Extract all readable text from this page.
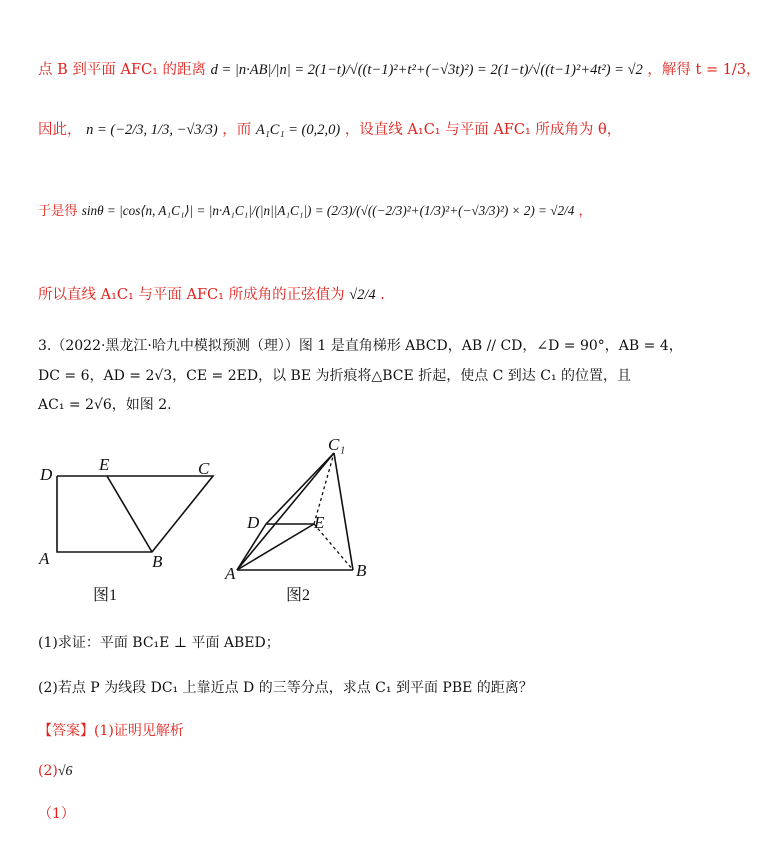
点 B 到平面 AFC₁ 的距离 d = |n·AB|/|n| = 2(1−t)/√((t−1)²+t²+(−√3t)²) = 2(1−t)/√((t−1)²+4t²) = √2 ，解得 t = 1/3，
因此， n = (−2/3, 1/3, −√3/3) ，而 A₁C₁ = (0,2,0) ，设直线 A₁C₁ 与平面 AFC₁ 所成角为 θ，
于是得 sinθ = |cos⟨n, A₁C₁⟩| = |n·A₁C₁|/(|n||A₁C₁|) = (2/3)/(√((−2/3)²+(1/3)²+(−√3/3)²) × 2) = √2/4 ，
所以直线 A₁C₁ 与平面 AFC₁ 所成角的正弦值为 √2/4 .
3.（2022·黑龙江·哈九中模拟预测（理））图 1 是直角梯形 ABCD，AB // CD，∠D = 90°，AB = 4，
DC = 6，AD = 2√3，CE = 2ED，以 BE 为折痕将△BCE 折起，使点 C 到达 C₁ 的位置，且
AC₁ = 2√6，如图 2.
D
E	C
A	B
C₁
D	E
A	B
图1	图2
(1)求证：平面 BC₁E ⊥ 平面 ABED；
(2)若点 P 为线段 DC₁ 上靠近点 D 的三等分点，求点 C₁ 到平面 PBE 的距离？
【答案】(1)证明见解析
(2)√6
（1）
